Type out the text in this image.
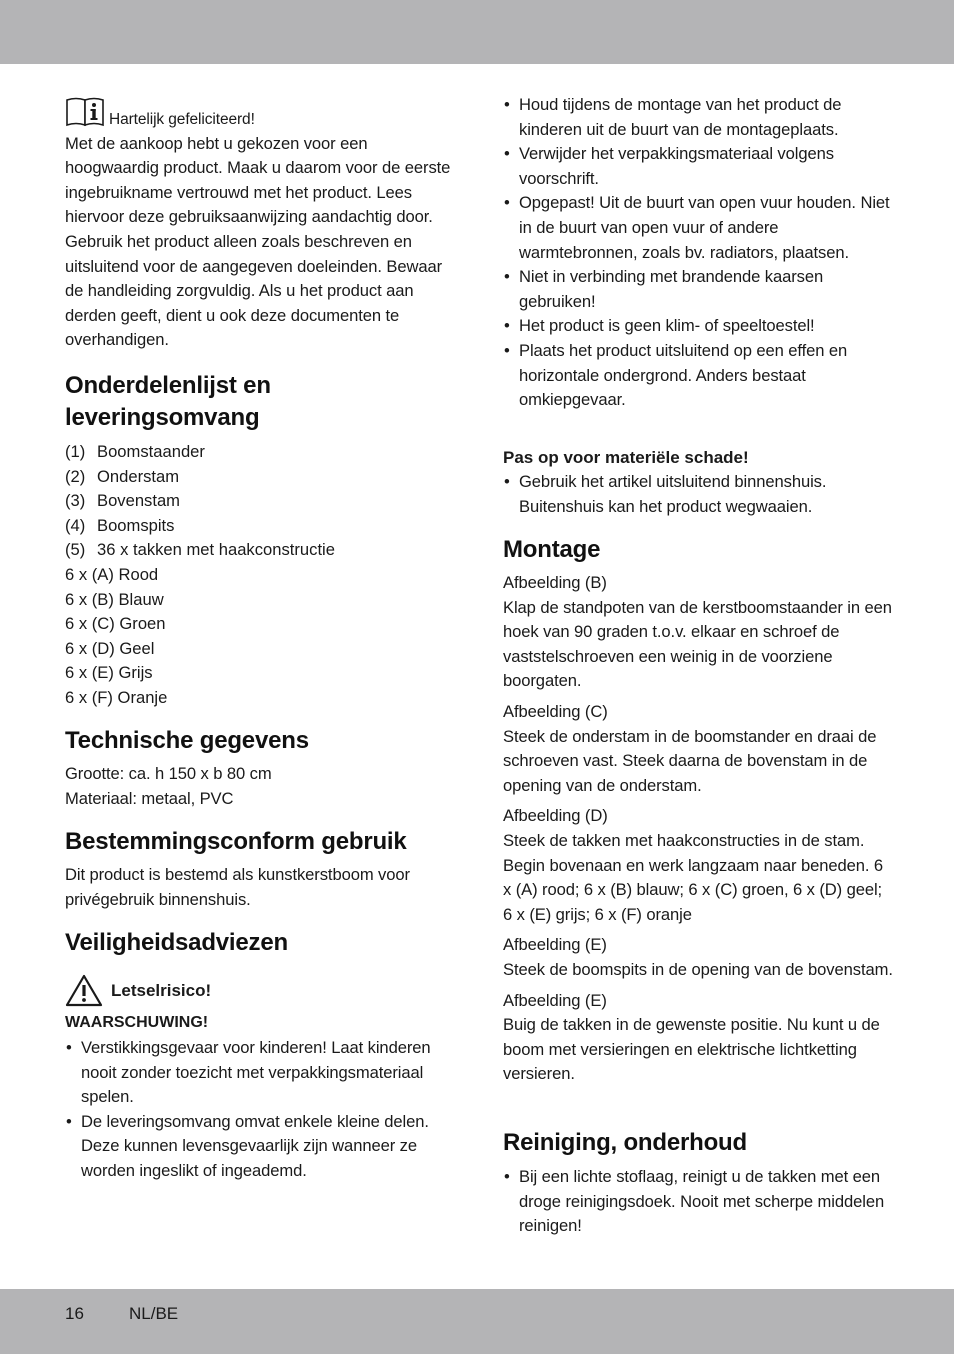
Hartelijk gefeliciteerd!

Met de aankoop hebt u gekozen voor een hoogwaardig product. Maak u daarom voor de eerste ingebruikname vertrouwd met het product. Lees hiervoor deze gebruiksaanwijzing aandachtig door. Gebruik het product alleen zoals beschreven en uitsluitend voor de aangegeven doeleinden. Bewaar de handleiding zorgvuldig. Als u het product aan derden geeft, dient u ook deze documenten te overhandigen.

Onderdelenlijst en leveringsomvang
(1) Boomstaander
(2) Onderstam
(3) Bovenstam
(4) Boomspits
(5) 36 x takken met haakconstructie
6 x (A) Rood
6 x (B) Blauw
6 x (C) Groen
6 x (D) Geel
6 x (E) Grijs
6 x (F) Oranje
Technische gegevens

Grootte: ca. h 150 x b 80 cm

Materiaal: metaal, PVC

Bestemmingsconform gebruik

Dit product is bestemd als kunstkerstboom voor privégebruik binnenshuis.

Veiligheidsadviezen
Letselrisico!
WAARSCHUWING!
• Verstikkingsgevaar voor kinderen! Laat kinderen nooit zonder toezicht met verpakkingsmateriaal spelen.
• De leveringsomvang omvat enkele kleine delen. Deze kunnen levensgevaarlijk zijn wanneer ze worden ingeslikt of ingeademd.
• Houd tijdens de montage van het product de kinderen uit de buurt van de montageplaats.
• Verwijder het verpakkingsmateriaal volgens voorschrift.
• Opgepast! Uit de buurt van open vuur houden. Niet in de buurt van open vuur of andere warmtebronnen, zoals bv. radiators, plaatsen.
• Niet in verbinding met brandende kaarsen gebruiken!
• Het product is geen klim- of speeltoestel!
• Plaats het product uitsluitend op een effen en horizontale ondergrond. Anders bestaat omkiepgevaar.
Pas op voor materiële schade!
• Gebruik het artikel uitsluitend binnenshuis. Buitenshuis kan het product wegwaaien.
Montage

Afbeelding (B)

Klap de standpoten van de kerstboomstaander in een hoek van 90 graden t.o.v. elkaar en schroef de vaststelschroeven een weinig in de voorziene boorgaten.

Afbeelding (C)

Steek de onderstam in de boomstander en draai de schroeven vast. Steek daarna de bovenstam in de opening van de onderstam.

Afbeelding (D)

Steek de takken met haakconstructies in de stam. Begin bovenaan en werk langzaam naar beneden. 6 x (A) rood; 6 x (B) blauw; 6 x (C) groen, 6 x (D) geel; 6 x (E) grijs; 6 x (F) oranje

Afbeelding (E)

Steek de boomspits in de opening van de bovenstam.

Afbeelding (E)

Buig de takken in de gewenste positie. Nu kunt u de boom met versieringen en elektrische lichtketting versieren.

Reiniging, onderhoud
• Bij een lichte stoflaag, reinigt u de takken met een droge reinigingsdoek. Nooit met scherpe middelen reinigen!
16	NL/BE
